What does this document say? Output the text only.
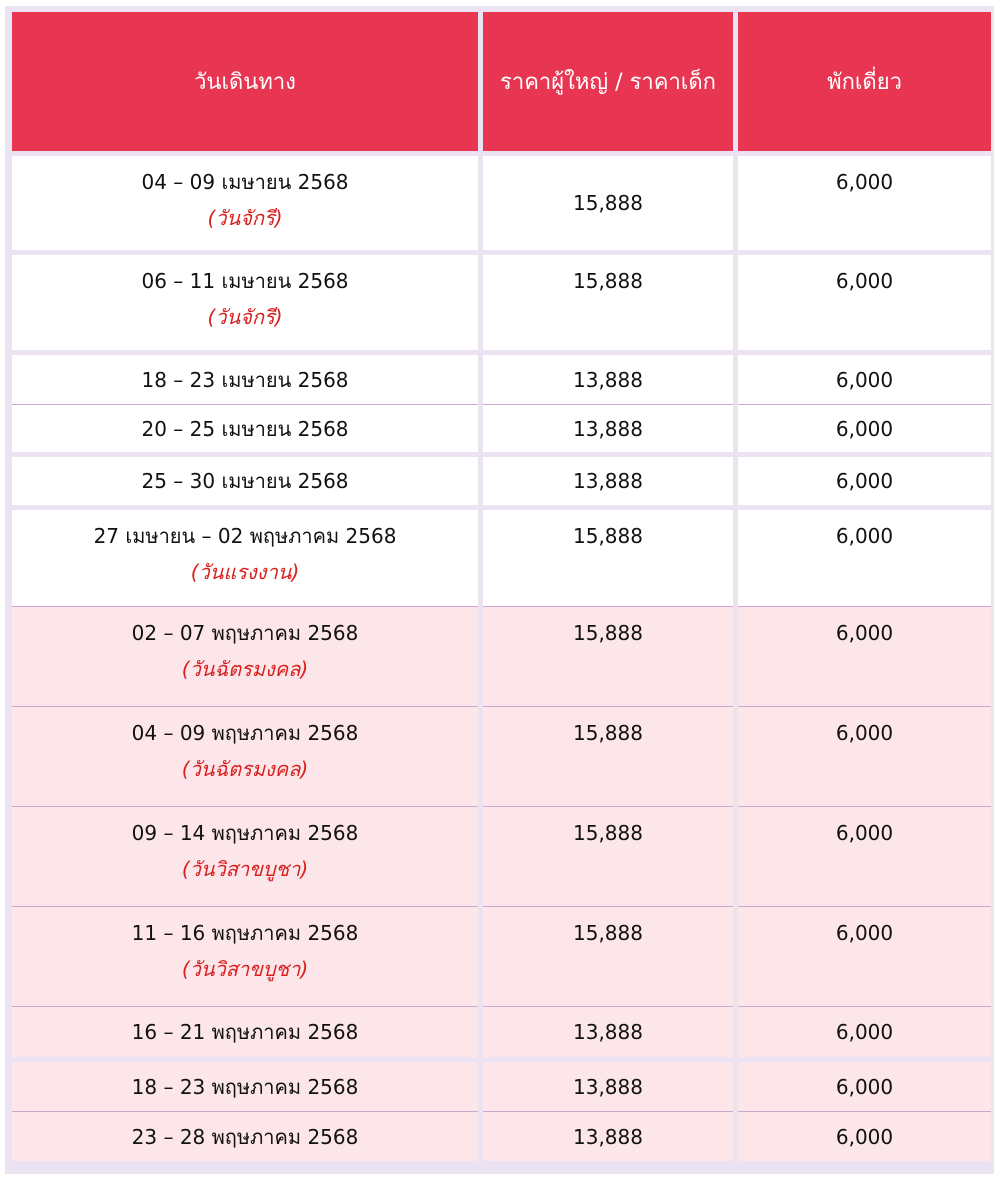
วันเดินทาง	ราคาผู้ใหญ่ / ราคาเด็ก	พักเดี่ยว
04 – 09 เมษายน 2568
(วันจักรี)	15,888	6,000
06 – 11 เมษายน 2568
(วันจักรี)	15,888	6,000
18 – 23 เมษายน 2568	13,888	6,000
20 – 25 เมษายน 2568	13,888	6,000
25 – 30 เมษายน 2568	13,888	6,000
27 เมษายน – 02 พฤษภาคม 2568
(วันแรงงาน)	15,888	6,000
02 – 07 พฤษภาคม 2568
(วันฉัตรมงคล)	15,888	6,000
04 – 09 พฤษภาคม 2568
(วันฉัตรมงคล)	15,888	6,000
09 – 14 พฤษภาคม 2568
(วันวิสาขบูชา)	15,888	6,000
11 – 16 พฤษภาคม 2568
(วันวิสาขบูชา)	15,888	6,000
16 – 21 พฤษภาคม 2568	13,888	6,000
18 – 23 พฤษภาคม 2568	13,888	6,000
23 – 28 พฤษภาคม 2568	13,888	6,000
